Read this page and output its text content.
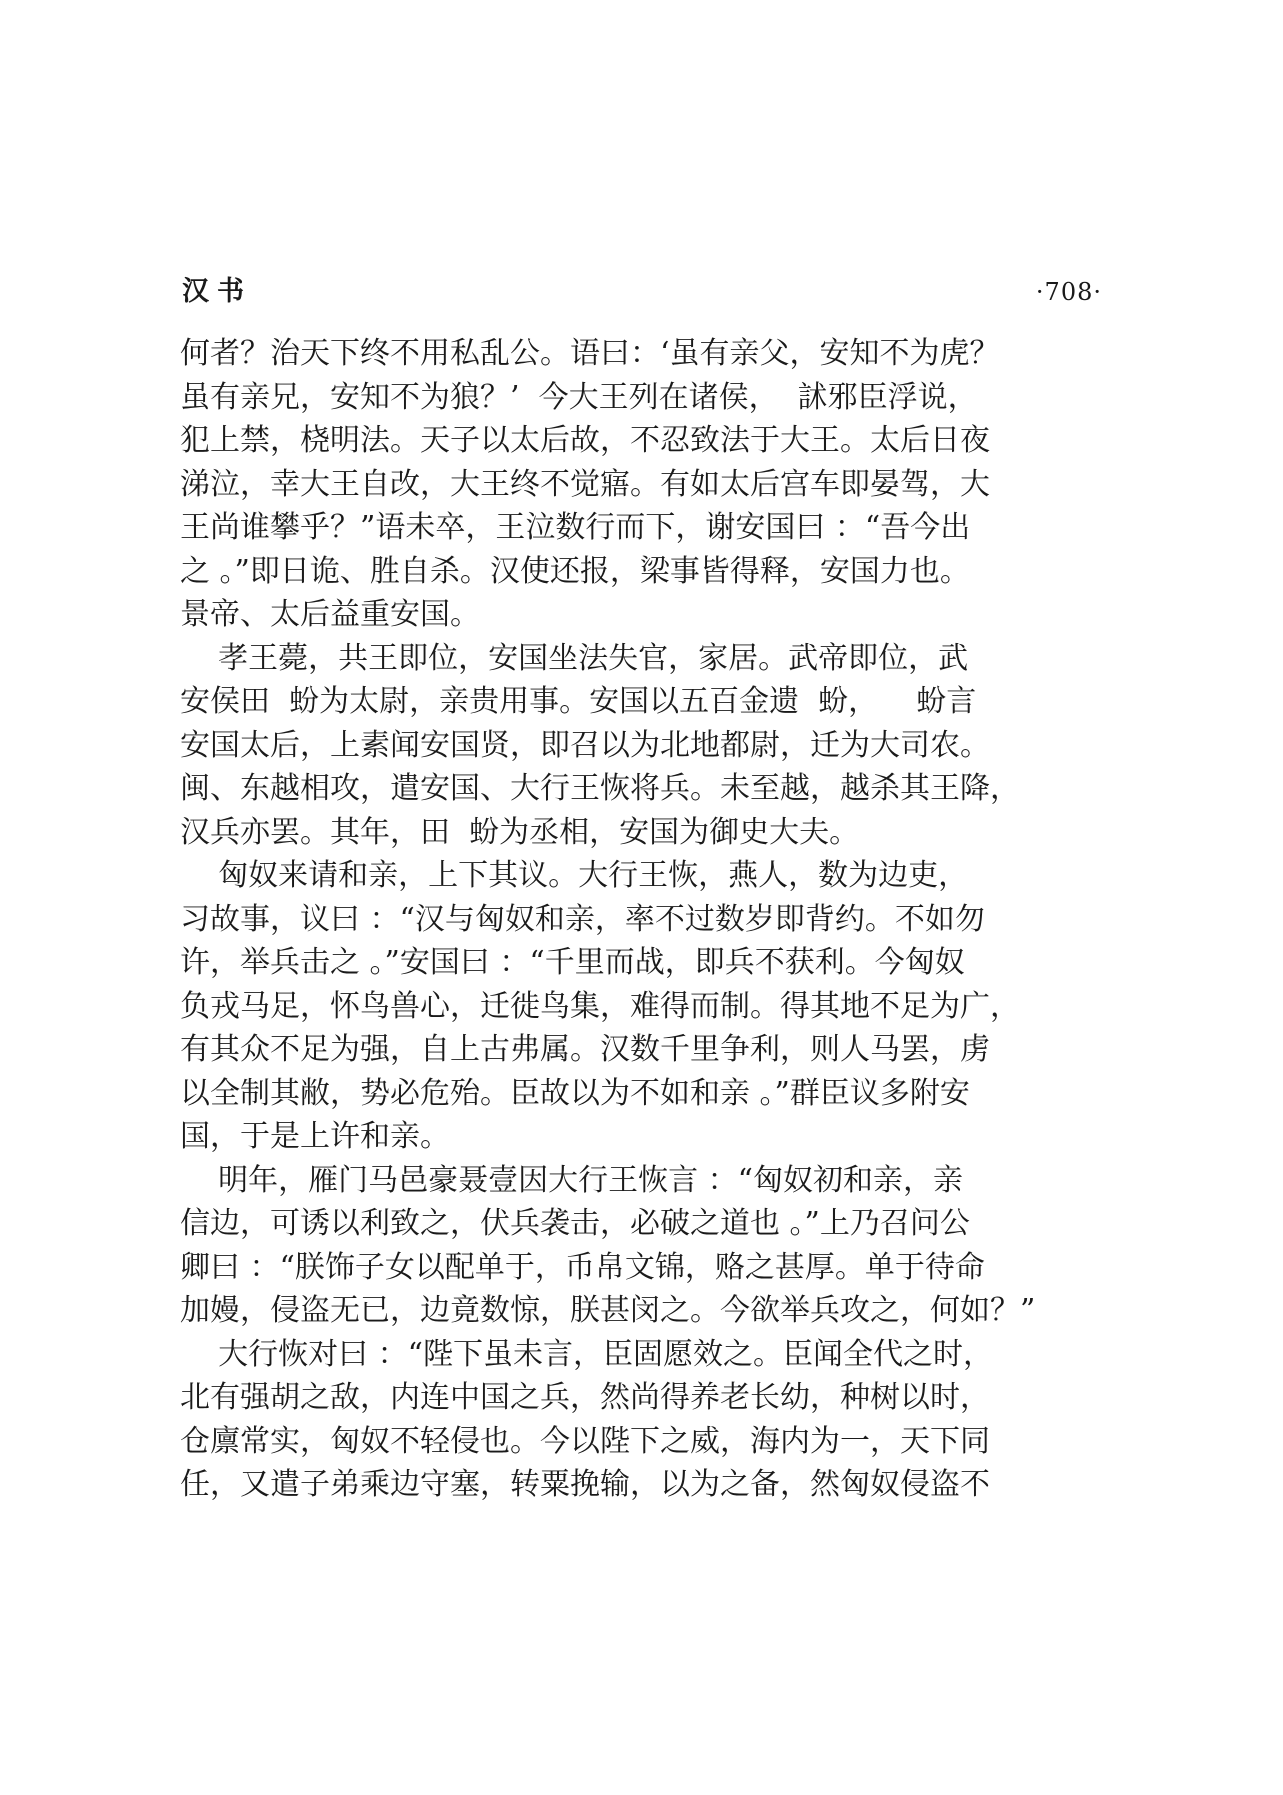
汉书	·708·
何者？治天下终不用私乱公。语曰：‘虽有亲父，安知不为虎？
虽有亲兄，安知不为狼？’  今大王列在诸侯，  訹邪臣浮说，
犯上禁，桡明法。天子以太后故，不忍致法于大王。太后日夜
涕泣，幸大王自改，大王终不觉寤。有如太后宫车即晏驾，大
王尚谁攀乎？”语未卒，王泣数行而下，谢安国曰 ：“吾今出
之 。”即日诡、胜自杀。汉使还报，梁事皆得释，安国力也。
景帝、太后益重安国。
孝王薨，共王即位，安国坐法失官，家居。武帝即位，武
安侯田  蚡为太尉，亲贵用事。安国以五百金遗  蚡，    蚡言
安国太后，上素闻安国贤，即召以为北地都尉，迁为大司农。
闽、东越相攻，遣安国、大行王恢将兵。未至越，越杀其王降，
汉兵亦罢。其年，田  蚡为丞相，安国为御史大夫。
匈奴来请和亲，上下其议。大行王恢，燕人，数为边吏，
习故事，议曰 ：“汉与匈奴和亲，率不过数岁即背约。不如勿
许，举兵击之 。”安国曰 ：“千里而战，即兵不获利。今匈奴
负戎马足，怀鸟兽心，迁徙鸟集，难得而制。得其地不足为广，
有其众不足为强，自上古弗属。汉数千里争利，则人马罢，虏
以全制其敝，势必危殆。臣故以为不如和亲 。”群臣议多附安
国，于是上许和亲。
明年，雁门马邑豪聂壹因大行王恢言 ：“匈奴初和亲，亲
信边，可诱以利致之，伏兵袭击，必破之道也 。”上乃召问公
卿曰 ：“朕饰子女以配单于，币帛文锦，赂之甚厚。单于待命
加嫚，侵盗无已，边竟数惊，朕甚闵之。今欲举兵攻之，何如？”
大行恢对曰 ：“陛下虽未言，臣固愿效之。臣闻全代之时，
北有强胡之敌，内连中国之兵，然尚得养老长幼，种树以时，
仓廪常实，匈奴不轻侵也。今以陛下之威，海内为一，天下同
任，又遣子弟乘边守塞，转粟挽输，以为之备，然匈奴侵盗不
